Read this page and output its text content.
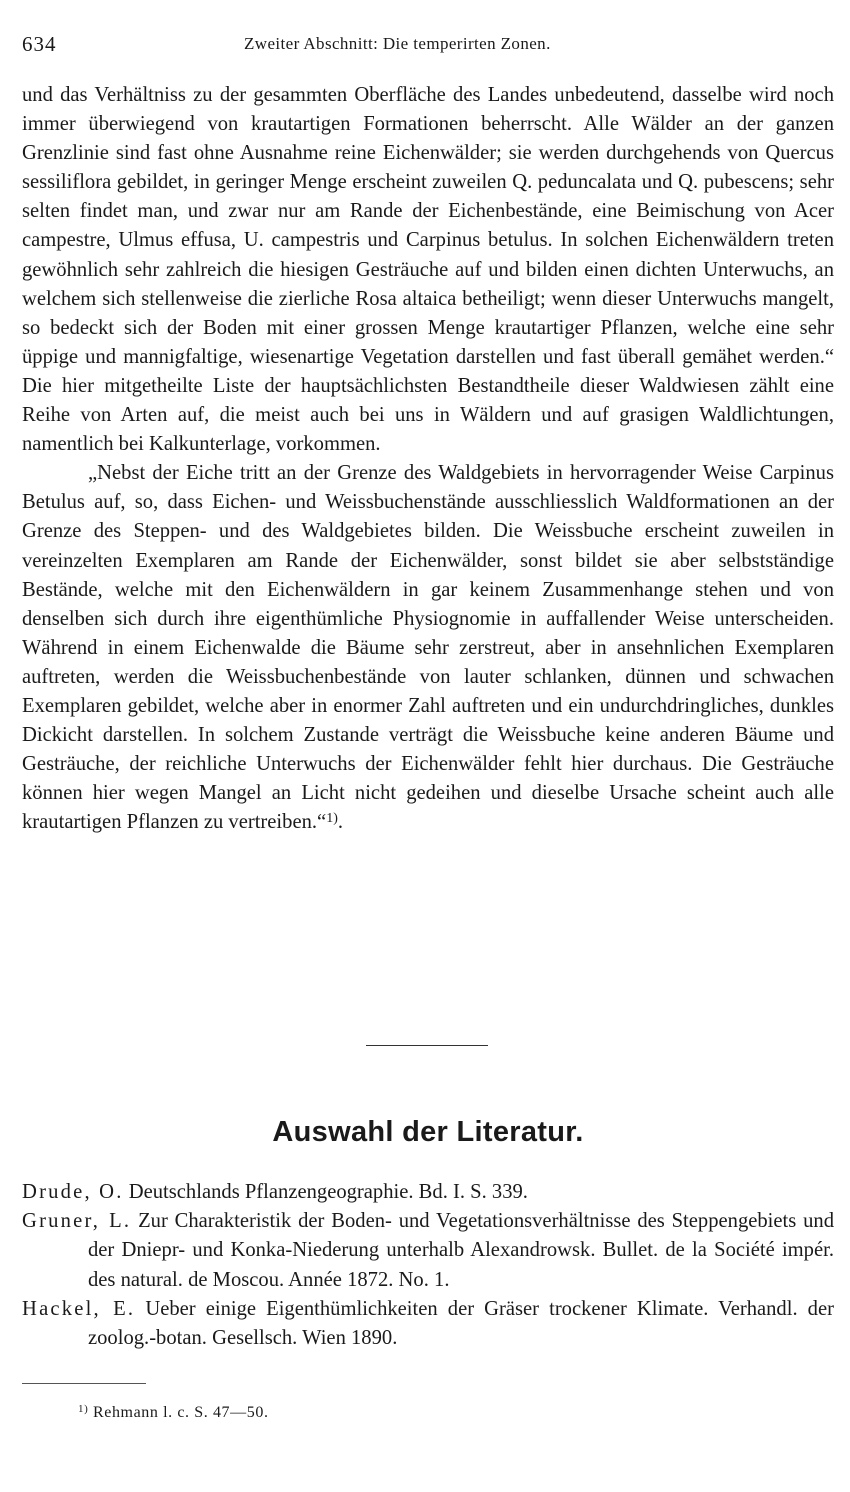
634	Zweiter Abschnitt: Die temperirten Zonen.

und das Verhältniss zu der gesammten Oberfläche des Landes unbedeutend, dasselbe wird noch immer überwiegend von krautartigen Formationen beherrscht. Alle Wälder an der ganzen Grenzlinie sind fast ohne Ausnahme reine Eichenwälder; sie werden durchgehends von Quercus sessiliflora gebildet, in geringer Menge erscheint zuweilen Q. peduncalata und Q. pubescens; sehr selten findet man, und zwar nur am Rande der Eichenbestände, eine Beimischung von Acer campestre, Ulmus effusa, U. campestris und Carpinus betulus. In solchen Eichenwäldern treten gewöhnlich sehr zahlreich die hiesigen Gesträuche auf und bilden einen dichten Unterwuchs, an welchem sich stellenweise die zierliche Rosa altaica betheiligt; wenn dieser Unterwuchs mangelt, so bedeckt sich der Boden mit einer grossen Menge krautartiger Pflanzen, welche eine sehr üppige und mannigfaltige, wiesenartige Vegetation darstellen und fast überall gemähet werden.“ Die hier mitgetheilte Liste der hauptsächlichsten Bestandtheile dieser Waldwiesen zählt eine Reihe von Arten auf, die meist auch bei uns in Wäldern und auf grasigen Waldlichtungen, namentlich bei Kalkunterlage, vorkommen.

„Nebst der Eiche tritt an der Grenze des Waldgebiets in hervorragender Weise Carpinus Betulus auf, so, dass Eichen- und Weissbuchenstände ausschliesslich Waldformationen an der Grenze des Steppen- und des Waldgebietes bilden. Die Weissbuche erscheint zuweilen in vereinzelten Exemplaren am Rande der Eichenwälder, sonst bildet sie aber selbstständige Bestände, welche mit den Eichenwäldern in gar keinem Zusammenhange stehen und von denselben sich durch ihre eigenthümliche Physiognomie in auffallender Weise unterscheiden. Während in einem Eichenwalde die Bäume sehr zerstreut, aber in ansehnlichen Exemplaren auftreten, werden die Weissbuchenbestände von lauter schlanken, dünnen und schwachen Exemplaren gebildet, welche aber in enormer Zahl auftreten und ein undurchdringliches, dunkles Dickicht darstellen. In solchem Zustande verträgt die Weissbuche keine anderen Bäume und Gesträuche, der reichliche Unterwuchs der Eichenwälder fehlt hier durchaus. Die Gesträuche können hier wegen Mangel an Licht nicht gedeihen und dieselbe Ursache scheint auch alle krautartigen Pflanzen zu vertreiben.“$^{1)}$.

Auswahl der Literatur.

Drude, O. Deutschlands Pflanzengeographie. Bd. I. S. 339.

Gruner, L. Zur Charakteristik der Boden- und Vegetationsverhältnisse des Steppengebiets und der Dniepr- und Konka-Niederung unterhalb Alexandrowsk. Bullet. de la Société impér. des natural. de Moscou. Année 1872. No. 1.

Hackel, E. Ueber einige Eigenthümlichkeiten der Gräser trockener Klimate. Verhandl. der zoolog.-botan. Gesellsch. Wien 1890.

$^{1)}$ Rehmann l. c. S. 47—50.
